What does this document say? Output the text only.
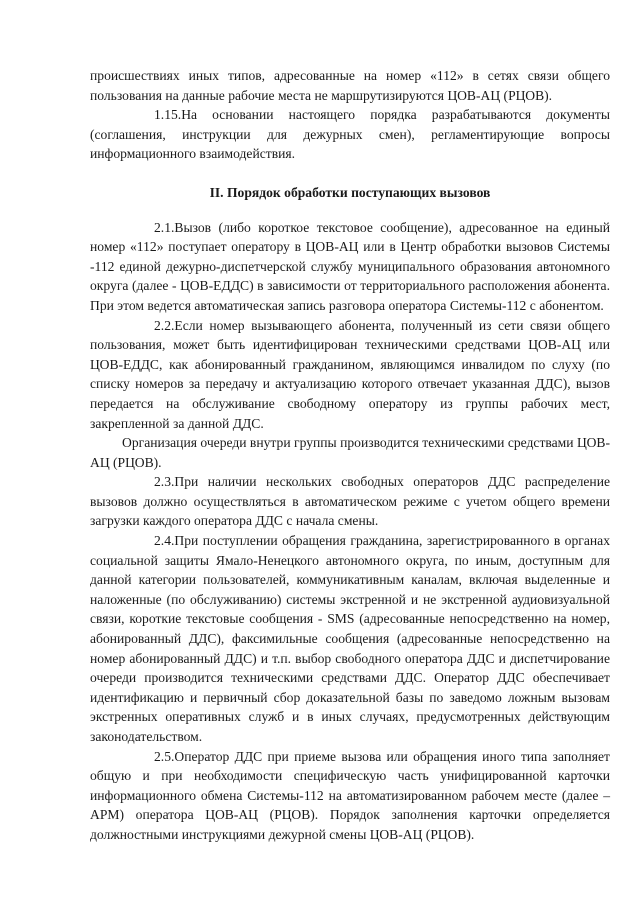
происшествиях иных типов, адресованные на номер «112» в сетях связи общего пользования на данные рабочие места не маршрутизируются ЦОВ-АЦ (РЦОВ).

1.15.На основании настоящего порядка разрабатываются документы (соглашения, инструкции для дежурных смен), регламентирующие вопросы информационного взаимодействия.

II. Порядок обработки поступающих вызовов

2.1.Вызов (либо короткое текстовое сообщение), адресованное на единый номер «112» поступает оператору в ЦОВ-АЦ или в Центр обработки вызовов Системы -112 единой дежурно-диспетчерской службу муниципального образования автономного округа (далее - ЦОВ-ЕДДС) в зависимости от территориального расположения абонента. При этом ведется автоматическая запись разговора оператора Системы-112 с абонентом.

2.2.Если номер вызывающего абонента, полученный из сети связи общего пользования, может быть идентифицирован техническими средствами ЦОВ-АЦ или ЦОВ-ЕДДС, как абонированный гражданином, являющимся инвалидом по слуху (по списку номеров за передачу и актуализацию которого отвечает указанная ДДС), вызов передается на обслуживание свободному оператору из группы рабочих мест, закрепленной за данной ДДС.

Организация очереди внутри группы производится техническими средствами ЦОВ-АЦ (РЦОВ).

2.3.При наличии нескольких свободных операторов ДДС распределение вызовов должно осуществляться в автоматическом режиме с учетом общего времени загрузки каждого оператора ДДС с начала смены.

2.4.При поступлении обращения гражданина, зарегистрированного в органах социальной защиты Ямало-Ненецкого автономного округа, по иным, доступным для данной категории пользователей, коммуникативным каналам, включая выделенные и наложенные (по обслуживанию) системы экстренной и не экстренной аудиовизуальной связи, короткие текстовые сообщения - SMS (адресованные непосредственно на номер, абонированный ДДС), факсимильные сообщения (адресованные непосредственно на номер абонированный ДДС) и т.п. выбор свободного оператора ДДС и диспетчирование очереди производится техническими средствами ДДС. Оператор ДДС обеспечивает идентификацию и первичный сбор доказательной базы по заведомо ложным вызовам экстренных оперативных служб и в иных случаях, предусмотренных действующим законодательством.

2.5.Оператор ДДС при приеме вызова или обращения иного типа заполняет общую и при необходимости специфическую часть унифицированной карточки информационного обмена Системы-112 на автоматизированном рабочем месте (далее – АРМ) оператора ЦОВ-АЦ (РЦОВ). Порядок заполнения карточки определяется должностными инструкциями дежурной смены ЦОВ-АЦ (РЦОВ).
